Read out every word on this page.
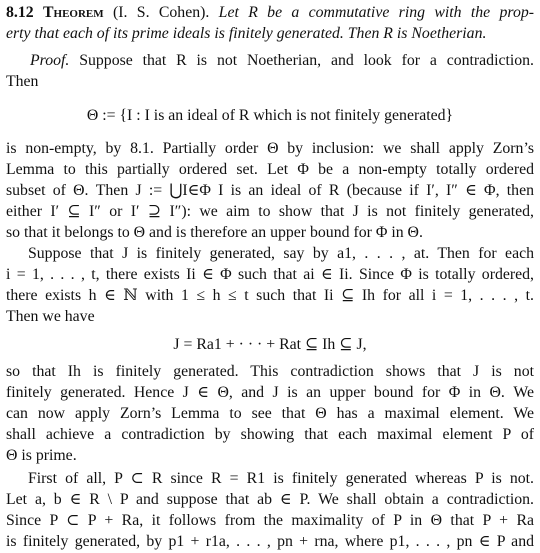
8.12 Theorem (I. S. Cohen). Let R be a commutative ring with the prop-
erty that each of its prime ideals is finitely generated. Then R is Noetherian.
Proof. Suppose that R is not Noetherian, and look for a contradiction.
Then
Θ := {I : I is an ideal of R which is not finitely generated}
is non-empty, by 8.1. Partially order Θ by inclusion: we shall apply Zorn’s
Lemma to this partially ordered set. Let Φ be a non-empty totally ordered
subset of Θ. Then J := ⋃I∈Φ I is an ideal of R (because if I′, I″ ∈ Φ, then
either I′ ⊆ I″ or I′ ⊇ I″): we aim to show that J is not finitely generated,
so that it belongs to Θ and is therefore an upper bound for Φ in Θ.
Suppose that J is finitely generated, say by a1, . . . , at. Then for each
i = 1, . . . , t, there exists Ii ∈ Φ such that ai ∈ Ii. Since Φ is totally ordered,
there exists h ∈ ℕ with 1 ≤ h ≤ t such that Ii ⊆ Ih for all i = 1, . . . , t.
Then we have
J = Ra1 + · · · + Rat ⊆ Ih ⊆ J,
so that Ih is finitely generated. This contradiction shows that J is not
finitely generated. Hence J ∈ Θ, and J is an upper bound for Φ in Θ. We
can now apply Zorn’s Lemma to see that Θ has a maximal element. We
shall achieve a contradiction by showing that each maximal element P of
Θ is prime.
First of all, P ⊂ R since R = R1 is finitely generated whereas P is not.
Let a, b ∈ R \ P and suppose that ab ∈ P. We shall obtain a contradiction.
Since P ⊂ P + Ra, it follows from the maximality of P in Θ that P + Ra
is finitely generated, by p1 + r1a, . . . , pn + rna, where p1, . . . , pn ∈ P and
